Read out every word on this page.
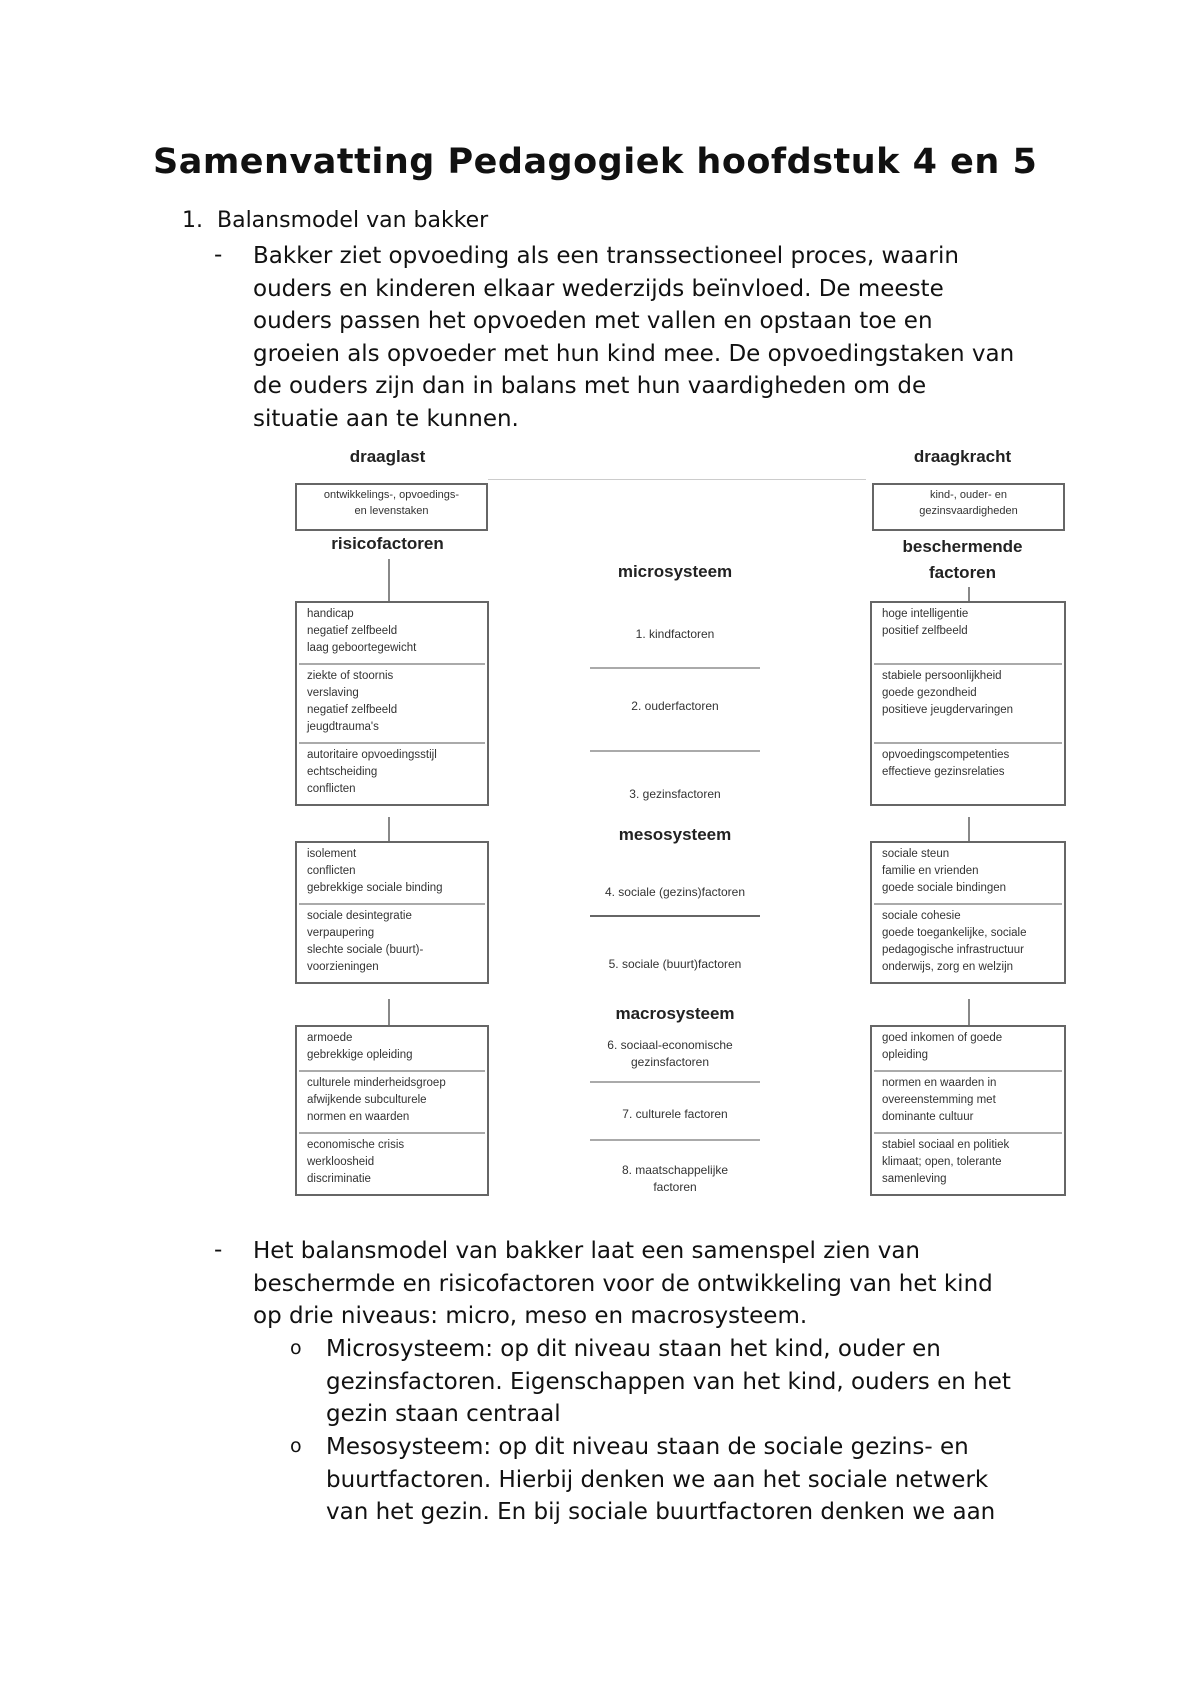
Samenvatting Pedagogiek hoofdstuk 4 en 5
1. Balansmodel van bakker
- Bakker ziet opvoeding als een transsectioneel proces, waarin
ouders en kinderen elkaar wederzijds beïnvloed. De meeste
ouders passen het opvoeden met vallen en opstaan toe en
groeien als opvoeder met hun kind mee. De opvoedingstaken van
de ouders zijn dan in balans met hun vaardigheden om de
situatie aan te kunnen.
draaglast
ontwikkelings-, opvoedings-
en levenstaken
risicofactoren
draagkracht
kind-, ouder- en
gezinsvaardigheden
beschermende
factoren
handicap
negatief zelfbeeld
laag geboortegewicht
ziekte of stoornis
verslaving
negatief zelfbeeld
jeugdtrauma's
autoritaire opvoedingsstijl
echtscheiding
conflicten
isolement
conflicten
gebrekkige sociale binding
sociale desintegratie
verpaupering
slechte sociale (buurt)-
voorzieningen
armoede
gebrekkige opleiding
culturele minderheidsgroep
afwijkende subculturele
normen en waarden
economische crisis
werkloosheid
discriminatie
hoge intelligentie
positief zelfbeeld
stabiele persoonlijkheid
goede gezondheid
positieve jeugdervaringen
opvoedingscompetenties
effectieve gezinsrelaties
sociale steun
familie en vrienden
goede sociale bindingen
sociale cohesie
goede toegankelijke, sociale
pedagogische infrastructuur
onderwijs, zorg en welzijn
goed inkomen of goede
opleiding
normen en waarden in
overeenstemming met
dominante cultuur
stabiel sociaal en politiek
klimaat; open, tolerante
samenleving
microsysteem
1. kindfactoren
2. ouderfactoren
3. gezinsfactoren
mesosysteem
4. sociale (gezins)factoren
5. sociale (buurt)factoren
macrosysteem
6. sociaal-economische gezinsfactoren
7. culturele factoren
8. maatschappelijke factoren
- Het balansmodel van bakker laat een samenspel zien van
beschermde en risicofactoren voor de ontwikkeling van het kind
op drie niveaus: micro, meso en macrosysteem.
o Microsysteem: op dit niveau staan het kind, ouder en
gezinsfactoren. Eigenschappen van het kind, ouders en het
gezin staan centraal
o Mesosysteem: op dit niveau staan de sociale gezins- en
buurtfactoren. Hierbij denken we aan het sociale netwerk
van het gezin. En bij sociale buurtfactoren denken we aan
